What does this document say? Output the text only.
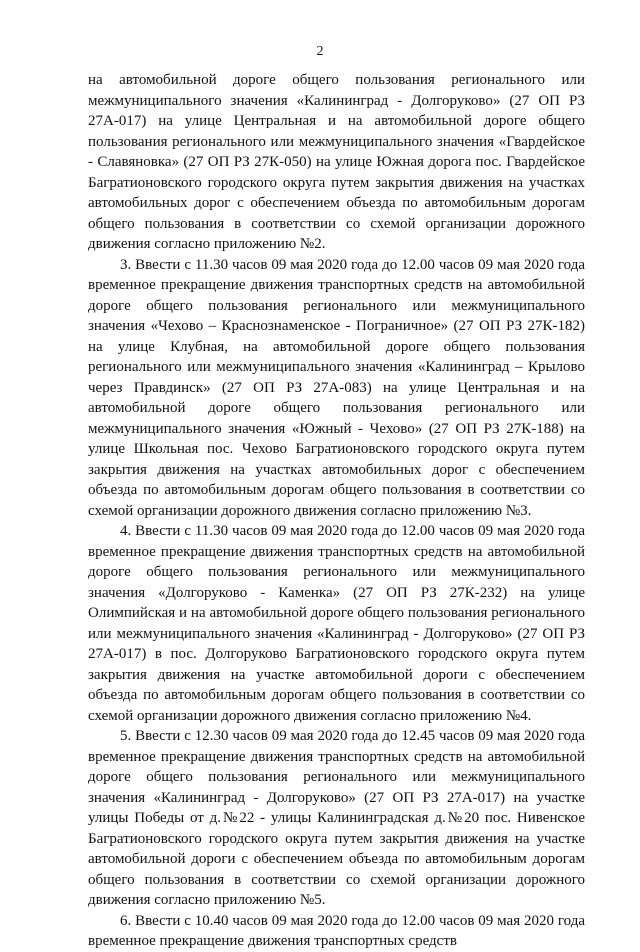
2

на автомобильной дороге общего пользования регионального или межмуниципального значения «Калининград - Долгоруково» (27 ОП РЗ 27А-017) на улице Центральная и на автомобильной дороге общего пользования регионального или межмуниципального значения «Гвардейское - Славяновка» (27 ОП РЗ 27К-050) на улице Южная дорога пос. Гвардейское Багратионовского городского округа путем закрытия движения на участках автомобильных дорог с обеспечением объезда по автомобильным дорогам общего пользования в соответствии со схемой организации дорожного движения согласно приложению №2.

3. Ввести с 11.30 часов 09 мая 2020 года до 12.00 часов 09 мая 2020 года временное прекращение движения транспортных средств на автомобильной дороге общего пользования регионального или межмуниципального значения «Чехово – Краснознаменское - Пограничное» (27 ОП РЗ 27К-182) на улице Клубная, на автомобильной дороге общего пользования регионального или межмуниципального значения «Калининград – Крылово через Правдинск» (27 ОП РЗ 27А-083) на улице Центральная и на автомобильной дороге общего пользования регионального или межмуниципального значения «Южный - Чехово» (27 ОП РЗ 27К-188) на улице Школьная пос. Чехово Багратионовского городского округа путем закрытия движения на участках автомобильных дорог с обеспечением объезда по автомобильным дорогам общего пользования в соответствии со схемой организации дорожного движения согласно приложению №3.

4. Ввести с 11.30 часов 09 мая 2020 года до 12.00 часов 09 мая 2020 года временное прекращение движения транспортных средств на автомобильной дороге общего пользования регионального или межмуниципального значения «Долгоруково - Каменка» (27 ОП РЗ 27К-232) на улице Олимпийская и на автомобильной дороге общего пользования регионального или межмуниципального значения «Калининград - Долгоруково» (27 ОП РЗ 27А-017) в пос. Долгоруково Багратионовского городского округа путем закрытия движения на участке автомобильной дороги с обеспечением объезда по автомобильным дорогам общего пользования в соответствии со схемой организации дорожного движения согласно приложению №4.

5. Ввести с 12.30 часов 09 мая 2020 года до 12.45 часов 09 мая 2020 года временное прекращение движения транспортных средств на автомобильной дороге общего пользования регионального или межмуниципального значения «Калининград - Долгоруково» (27 ОП РЗ 27А-017) на участке улицы Победы от д.№22 - улицы Калининградская д.№20 пос. Нивенское Багратионовского городского округа путем закрытия движения на участке автомобильной дороги с обеспечением объезда по автомобильным дорогам общего пользования в соответствии со схемой организации дорожного движения согласно приложению №5.

6. Ввести с 10.40 часов 09 мая 2020 года до 12.00 часов 09 мая 2020 года временное прекращение движения транспортных средств
